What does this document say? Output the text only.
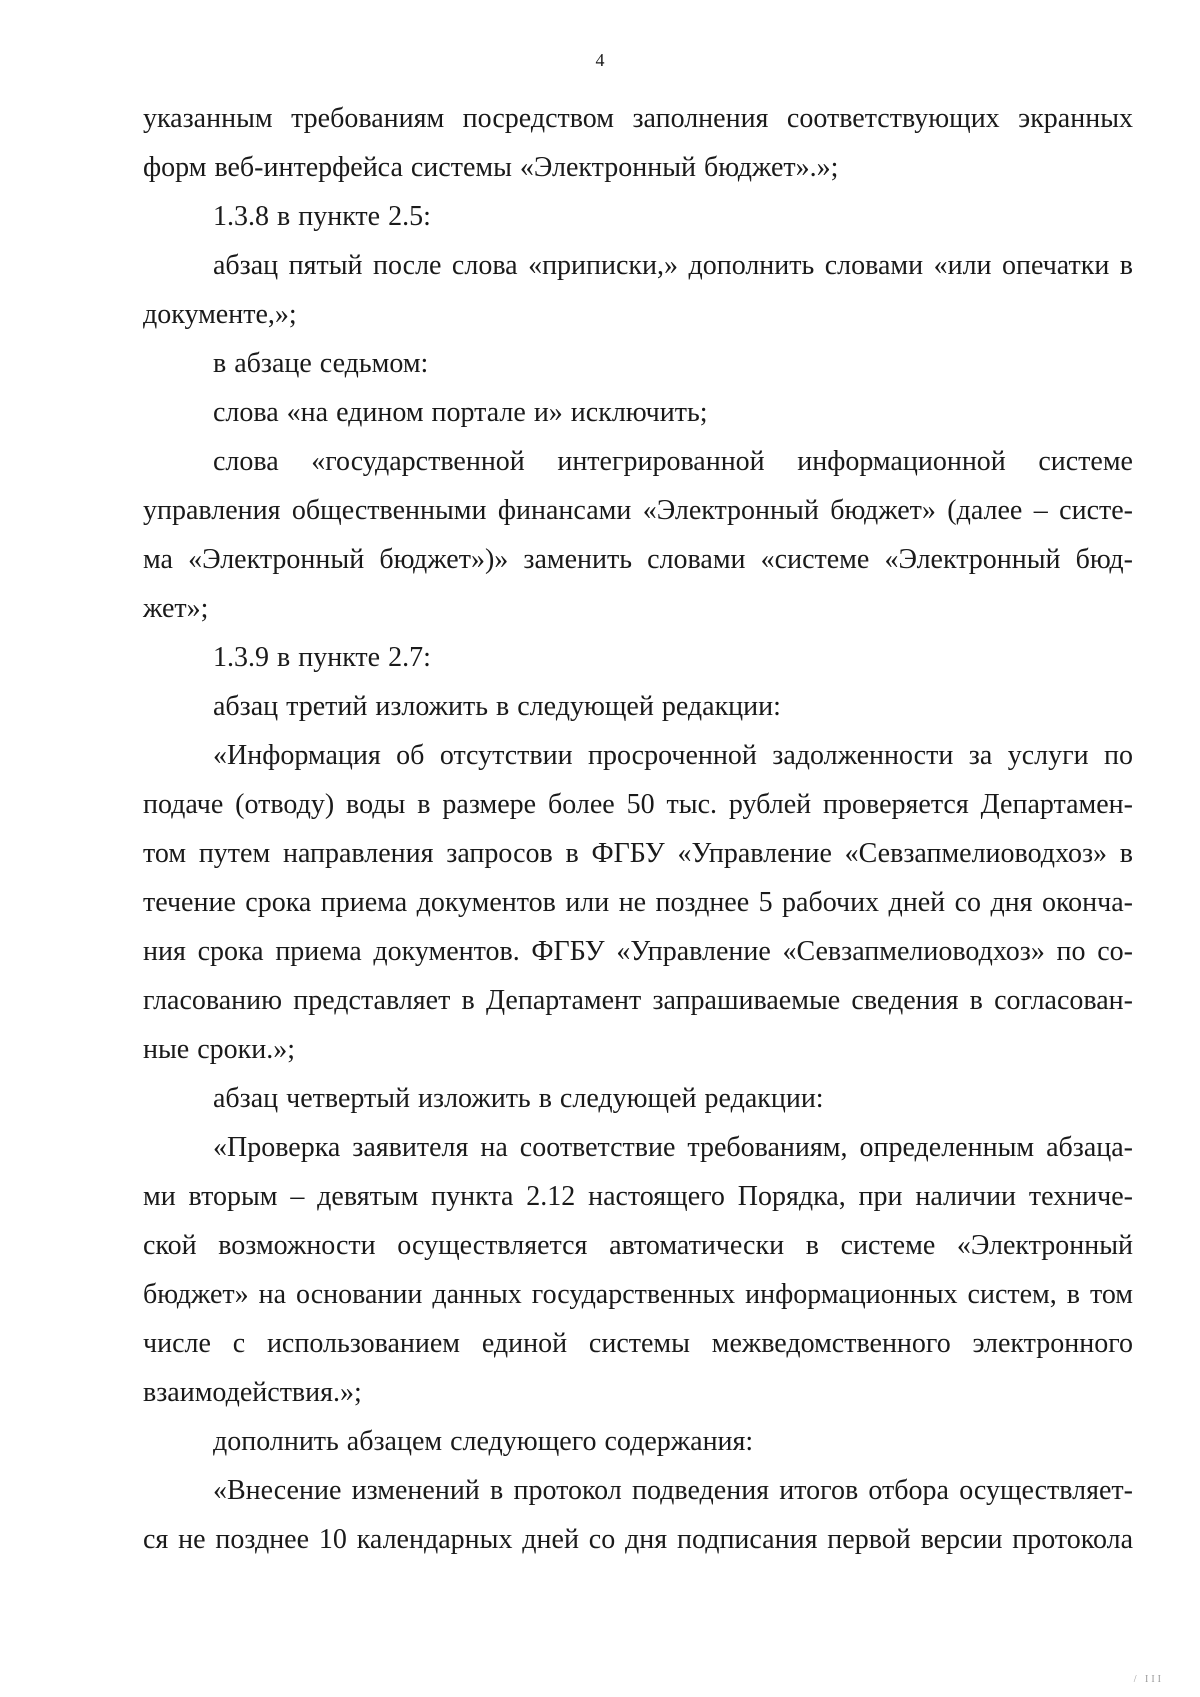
4

указанным требованиям посредством заполнения соответствующих экранных форм веб-интерфейса системы «Электронный бюджет».»;

1.3.8 в пункте 2.5:

абзац пятый после слова «приписки,» дополнить словами «или опечатки в документе,»;

в абзаце седьмом:

слова «на едином портале и» исключить;

слова «государственной интегрированной информационной системе управления общественными финансами «Электронный бюджет» (далее – систе-ма «Электронный бюджет»)» заменить словами «системе «Электронный бюд-жет»;

1.3.9 в пункте 2.7:

абзац третий изложить в следующей редакции:

«Информация об отсутствии просроченной задолженности за услуги по подаче (отводу) воды в размере более 50 тыс. рублей проверяется Департамен-том путем направления запросов в ФГБУ «Управление «Севзапмелиоводхоз» в течение срока приема документов или не позднее 5 рабочих дней со дня оконча-ния срока приема документов. ФГБУ «Управление «Севзапмелиоводхоз» по со-гласованию представляет в Департамент запрашиваемые сведения в согласован-ные сроки.»;

абзац четвертый изложить в следующей редакции:

«Проверка заявителя на соответствие требованиям, определенным абзаца-ми вторым – девятым пункта 2.12 настоящего Порядка, при наличии техниче-ской возможности осуществляется автоматически в системе «Электронный бюджет» на основании данных государственных информационных систем, в том числе с использованием единой системы межведомственного электронного взаимодействия.»;

дополнить абзацем следующего содержания:

«Внесение изменений в протокол подведения итогов отбора осуществляет-ся не позднее 10 календарных дней со дня подписания первой версии протокола

/ III
